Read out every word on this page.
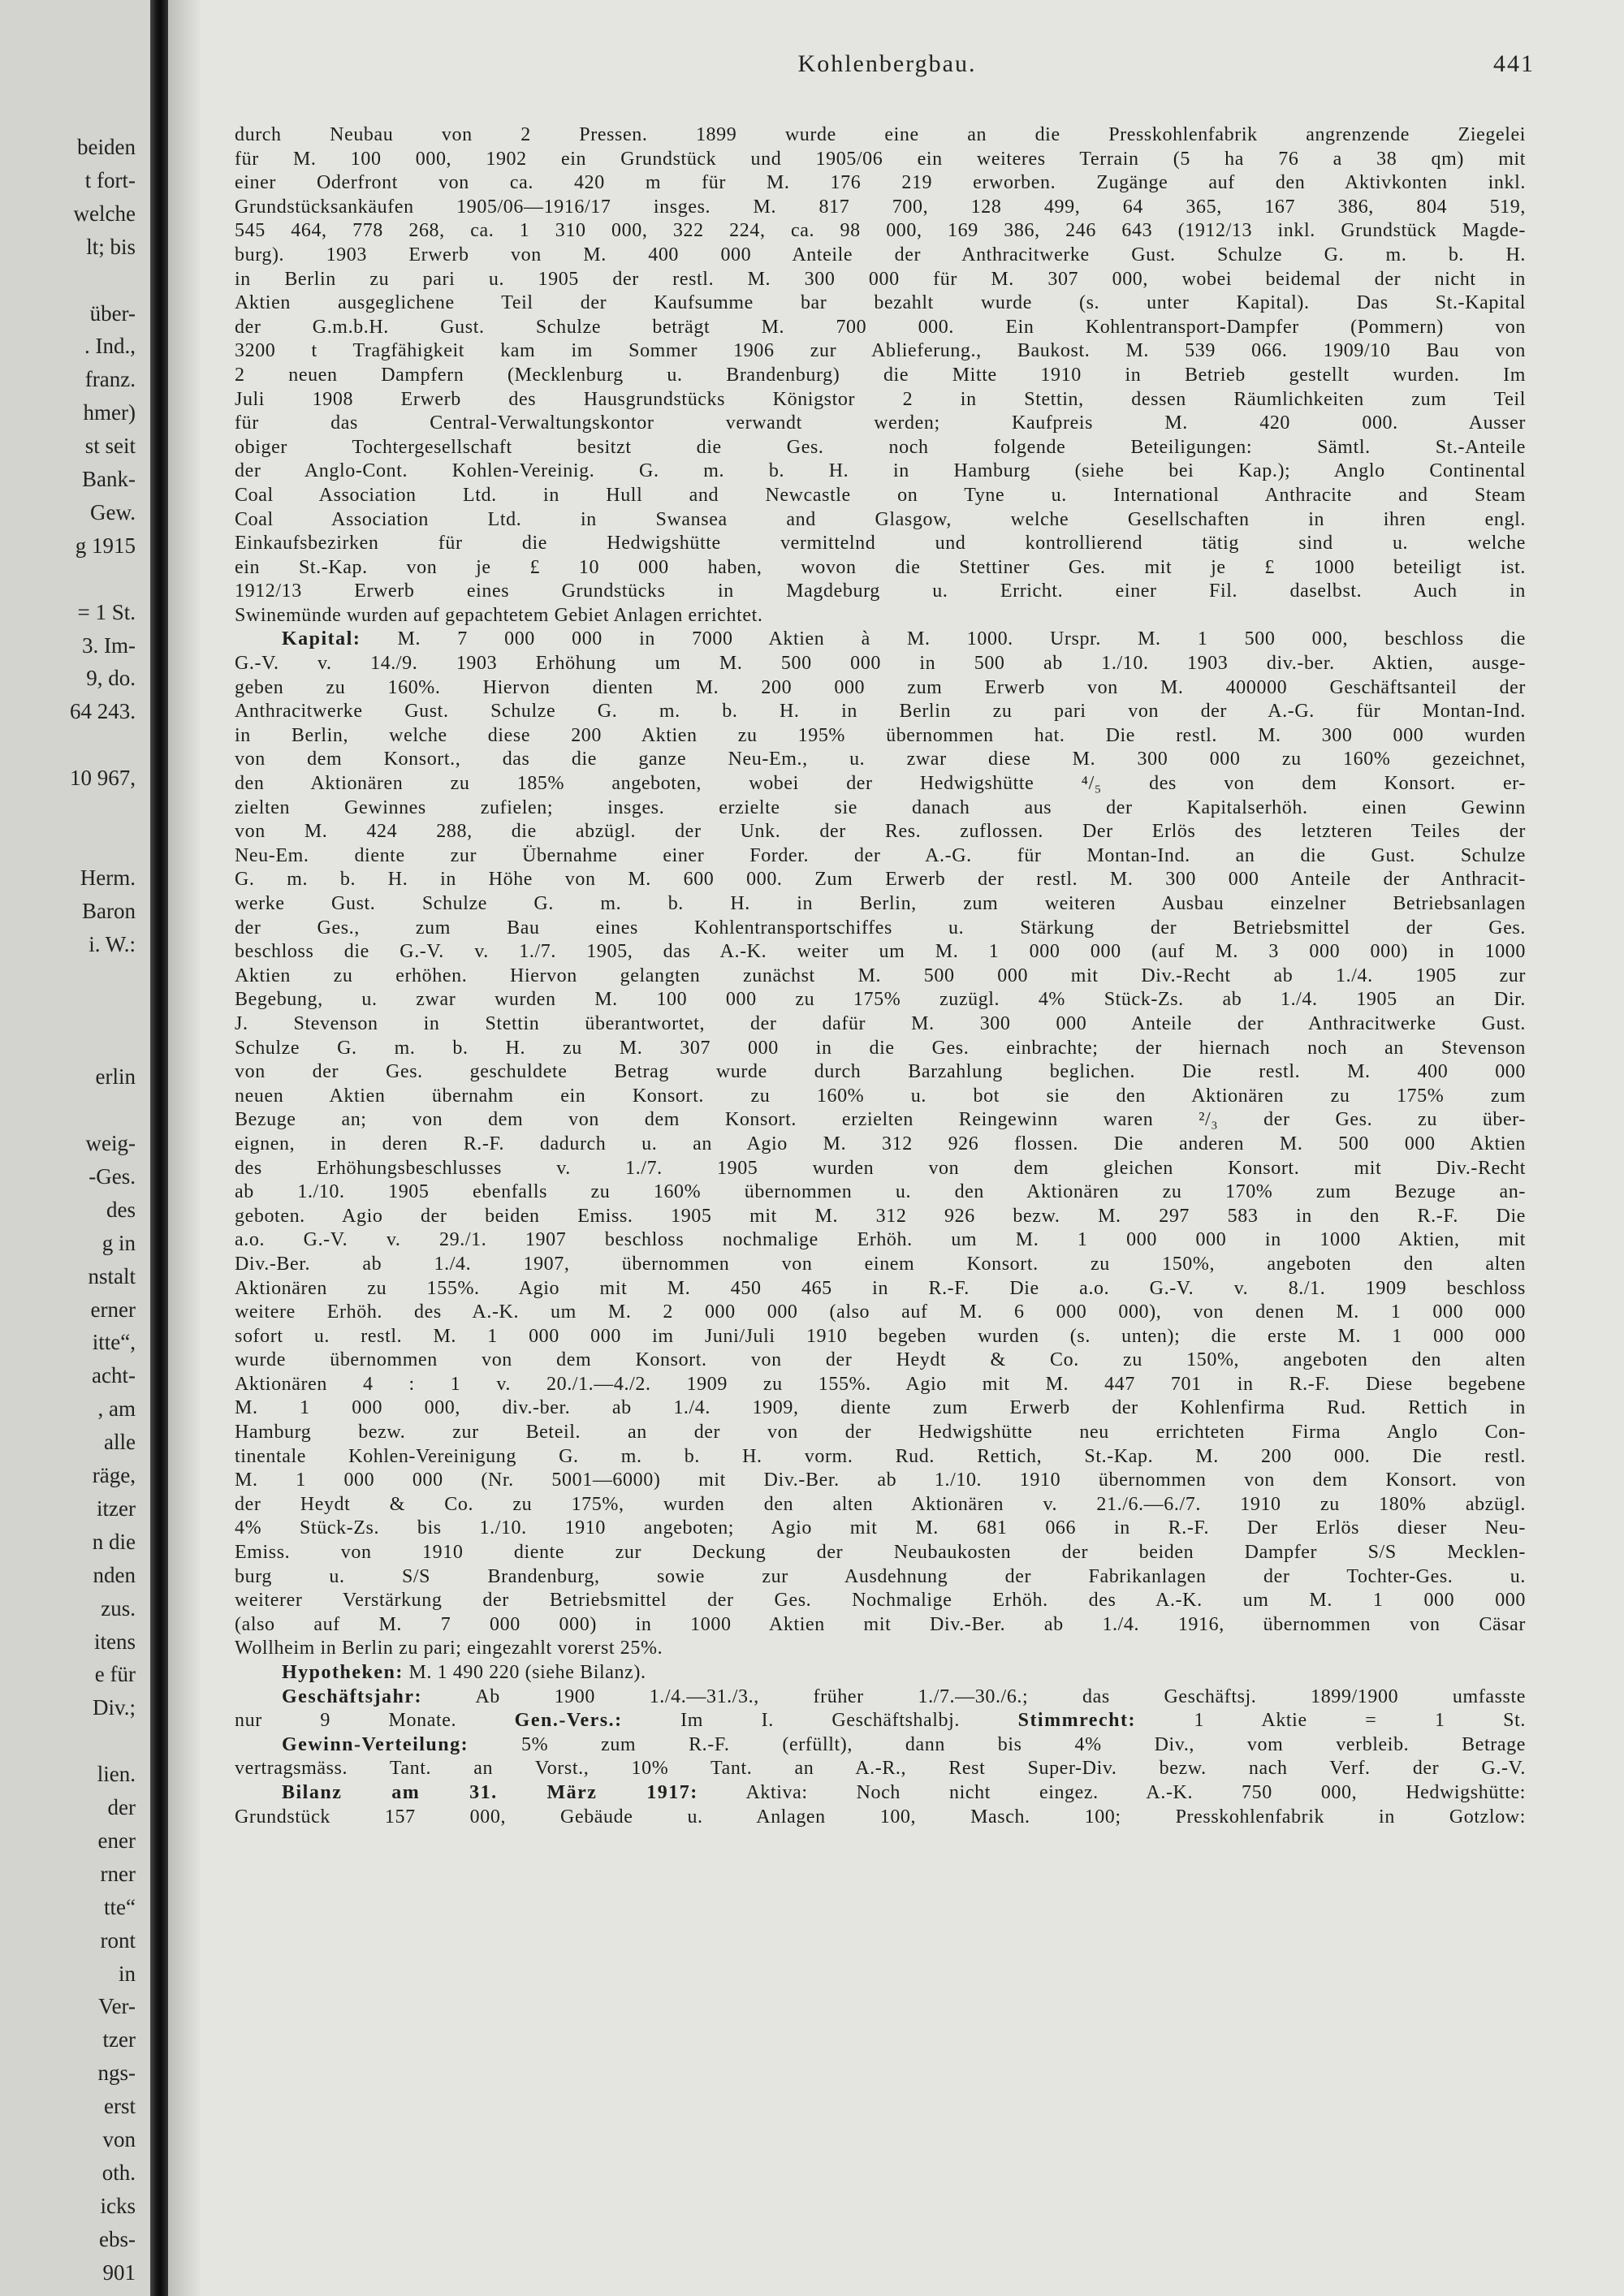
beiden
t fort-
welche
lt; bis
über-
. Ind.,
franz.
hmer)
st seit
Bank-
Gew.
g 1915
= 1 St.
3. Im-
9, do.
64 243.
10 967,
Herm.
Baron
i. W.:
erlin
weig-
-Ges.
des
g in
nstalt
erner
itte“,
acht-
, am
alle
räge,
itzer
n die
nden
zus.
itens
e für
Div.;
lien.
der
ener
rner
tte“
ront
in
Ver-
tzer
ngs-
erst
von
oth.
icks
ebs-
901
Kohlenbergbau.	441
durch Neubau von 2 Pressen. 1899 wurde eine an die Presskohlenfabrik angrenzende Ziegelei
für M. 100 000, 1902 ein Grundstück und 1905/06 ein weiteres Terrain (5 ha 76 a 38 qm) mit
einer Oderfront von ca. 420 m für M. 176 219 erworben. Zugänge auf den Aktivkonten inkl.
Grundstücksankäufen 1905/06—1916/17 insges. M. 817 700, 128 499, 64 365, 167 386, 804 519,
545 464, 778 268, ca. 1 310 000, 322 224, ca. 98 000, 169 386, 246 643 (1912/13 inkl. Grundstück Magde-
burg). 1903 Erwerb von M. 400 000 Anteile der Anthracitwerke Gust. Schulze G. m. b. H.
in Berlin zu pari u. 1905 der restl. M. 300 000 für M. 307 000, wobei beidemal der nicht in
Aktien ausgeglichene Teil der Kaufsumme bar bezahlt wurde (s. unter Kapital). Das St.-Kapital
der G.m.b.H. Gust. Schulze beträgt M. 700 000. Ein Kohlentransport-Dampfer (Pommern) von
3200 t Tragfähigkeit kam im Sommer 1906 zur Ablieferung., Baukost. M. 539 066. 1909/10 Bau von
2 neuen Dampfern (Mecklenburg u. Brandenburg) die Mitte 1910 in Betrieb gestellt wurden. Im
Juli 1908 Erwerb des Hausgrundstücks Königstor 2 in Stettin, dessen Räumlichkeiten zum Teil
für das Central-Verwaltungskontor verwandt werden; Kaufpreis M. 420 000. Ausser
obiger Tochtergesellschaft besitzt die Ges. noch folgende Beteiligungen: Sämtl. St.-Anteile
der Anglo-Cont. Kohlen-Vereinig. G. m. b. H. in Hamburg (siehe bei Kap.); Anglo Continental
Coal Association Ltd. in Hull and Newcastle on Tyne u. International Anthracite and Steam
Coal Association Ltd. in Swansea and Glasgow, welche Gesellschaften in ihren engl.
Einkaufsbezirken für die Hedwigshütte vermittelnd und kontrollierend tätig sind u. welche
ein St.-Kap. von je £ 10 000 haben, wovon die Stettiner Ges. mit je £ 1000 beteiligt ist.
1912/13 Erwerb eines Grundstücks in Magdeburg u. Erricht. einer Fil. daselbst. Auch in
Swinemünde wurden auf gepachtetem Gebiet Anlagen errichtet.
Kapital: M. 7 000 000 in 7000 Aktien à M. 1000. Urspr. M. 1 500 000, beschloss die
G.-V. v. 14./9. 1903 Erhöhung um M. 500 000 in 500 ab 1./10. 1903 div.-ber. Aktien, ausge-
geben zu 160%. Hiervon dienten M. 200 000 zum Erwerb von M. 400000 Geschäftsanteil der
Anthracitwerke Gust. Schulze G. m. b. H. in Berlin zu pari von der A.-G. für Montan-Ind.
in Berlin, welche diese 200 Aktien zu 195% übernommen hat. Die restl. M. 300 000 wurden
von dem Konsort., das die ganze Neu-Em., u. zwar diese M. 300 000 zu 160% gezeichnet,
den Aktionären zu 185% angeboten, wobei der Hedwigshütte ⁴/₅ des von dem Konsort. er-
zielten Gewinnes zufielen; insges. erzielte sie danach aus der Kapitalserhöh. einen Gewinn
von M. 424 288, die abzügl. der Unk. der Res. zuflossen. Der Erlös des letzteren Teiles der
Neu-Em. diente zur Übernahme einer Forder. der A.-G. für Montan-Ind. an die Gust. Schulze
G. m. b. H. in Höhe von M. 600 000. Zum Erwerb der restl. M. 300 000 Anteile der Anthracit-
werke Gust. Schulze G. m. b. H. in Berlin, zum weiteren Ausbau einzelner Betriebsanlagen
der Ges., zum Bau eines Kohlentransportschiffes u. Stärkung der Betriebsmittel der Ges.
beschloss die G.-V. v. 1./7. 1905, das A.-K. weiter um M. 1 000 000 (auf M. 3 000 000) in 1000
Aktien zu erhöhen. Hiervon gelangten zunächst M. 500 000 mit Div.-Recht ab 1./4. 1905 zur
Begebung, u. zwar wurden M. 100 000 zu 175% zuzügl. 4% Stück-Zs. ab 1./4. 1905 an Dir.
J. Stevenson in Stettin überantwortet, der dafür M. 300 000 Anteile der Anthracitwerke Gust.
Schulze G. m. b. H. zu M. 307 000 in die Ges. einbrachte; der hiernach noch an Stevenson
von der Ges. geschuldete Betrag wurde durch Barzahlung beglichen. Die restl. M. 400 000
neuen Aktien übernahm ein Konsort. zu 160% u. bot sie den Aktionären zu 175% zum
Bezuge an; von dem von dem Konsort. erzielten Reingewinn waren ²/₃ der Ges. zu über-
eignen, in deren R.-F. dadurch u. an Agio M. 312 926 flossen. Die anderen M. 500 000 Aktien
des Erhöhungsbeschlusses v. 1./7. 1905 wurden von dem gleichen Konsort. mit Div.-Recht
ab 1./10. 1905 ebenfalls zu 160% übernommen u. den Aktionären zu 170% zum Bezuge an-
geboten. Agio der beiden Emiss. 1905 mit M. 312 926 bezw. M. 297 583 in den R.-F. Die
a.o. G.-V. v. 29./1. 1907 beschloss nochmalige Erhöh. um M. 1 000 000 in 1000 Aktien, mit
Div.-Ber. ab 1./4. 1907, übernommen von einem Konsort. zu 150%, angeboten den alten
Aktionären zu 155%. Agio mit M. 450 465 in R.-F. Die a.o. G.-V. v. 8./1. 1909 beschloss
weitere Erhöh. des A.-K. um M. 2 000 000 (also auf M. 6 000 000), von denen M. 1 000 000
sofort u. restl. M. 1 000 000 im Juni/Juli 1910 begeben wurden (s. unten); die erste M. 1 000 000
wurde übernommen von dem Konsort. von der Heydt & Co. zu 150%, angeboten den alten
Aktionären 4 : 1 v. 20./1.—4./2. 1909 zu 155%. Agio mit M. 447 701 in R.-F. Diese begebene
M. 1 000 000, div.-ber. ab 1./4. 1909, diente zum Erwerb der Kohlenfirma Rud. Rettich in
Hamburg bezw. zur Beteil. an der von der Hedwigshütte neu errichteten Firma Anglo Con-
tinentale Kohlen-Vereinigung G. m. b. H. vorm. Rud. Rettich, St.-Kap. M. 200 000. Die restl.
M. 1 000 000 (Nr. 5001—6000) mit Div.-Ber. ab 1./10. 1910 übernommen von dem Konsort. von
der Heydt & Co. zu 175%, wurden den alten Aktionären v. 21./6.—6./7. 1910 zu 180% abzügl.
4% Stück-Zs. bis 1./10. 1910 angeboten; Agio mit M. 681 066 in R.-F. Der Erlös dieser Neu-
Emiss. von 1910 diente zur Deckung der Neubaukosten der beiden Dampfer S/S Mecklen-
burg u. S/S Brandenburg, sowie zur Ausdehnung der Fabrikanlagen der Tochter-Ges. u.
weiterer Verstärkung der Betriebsmittel der Ges. Nochmalige Erhöh. des A.-K. um M. 1 000 000
(also auf M. 7 000 000) in 1000 Aktien mit Div.-Ber. ab 1./4. 1916, übernommen von Cäsar
Wollheim in Berlin zu pari; eingezahlt vorerst 25%.
Hypotheken: M. 1 490 220 (siehe Bilanz).
Geschäftsjahr: Ab 1900 1./4.—31./3., früher 1./7.—30./6.; das Geschäftsj. 1899/1900 umfasste
nur 9 Monate. Gen.-Vers.: Im I. Geschäftshalbj. Stimmrecht: 1 Aktie = 1 St.
Gewinn-Verteilung: 5% zum R.-F. (erfüllt), dann bis 4% Div., vom verbleib. Betrage
vertragsmäss. Tant. an Vorst., 10% Tant. an A.-R., Rest Super-Div. bezw. nach Verf. der G.-V.
Bilanz am 31. März 1917: Aktiva: Noch nicht eingez. A.-K. 750 000, Hedwigshütte:
Grundstück 157 000, Gebäude u. Anlagen 100, Masch. 100; Presskohlenfabrik in Gotzlow:
